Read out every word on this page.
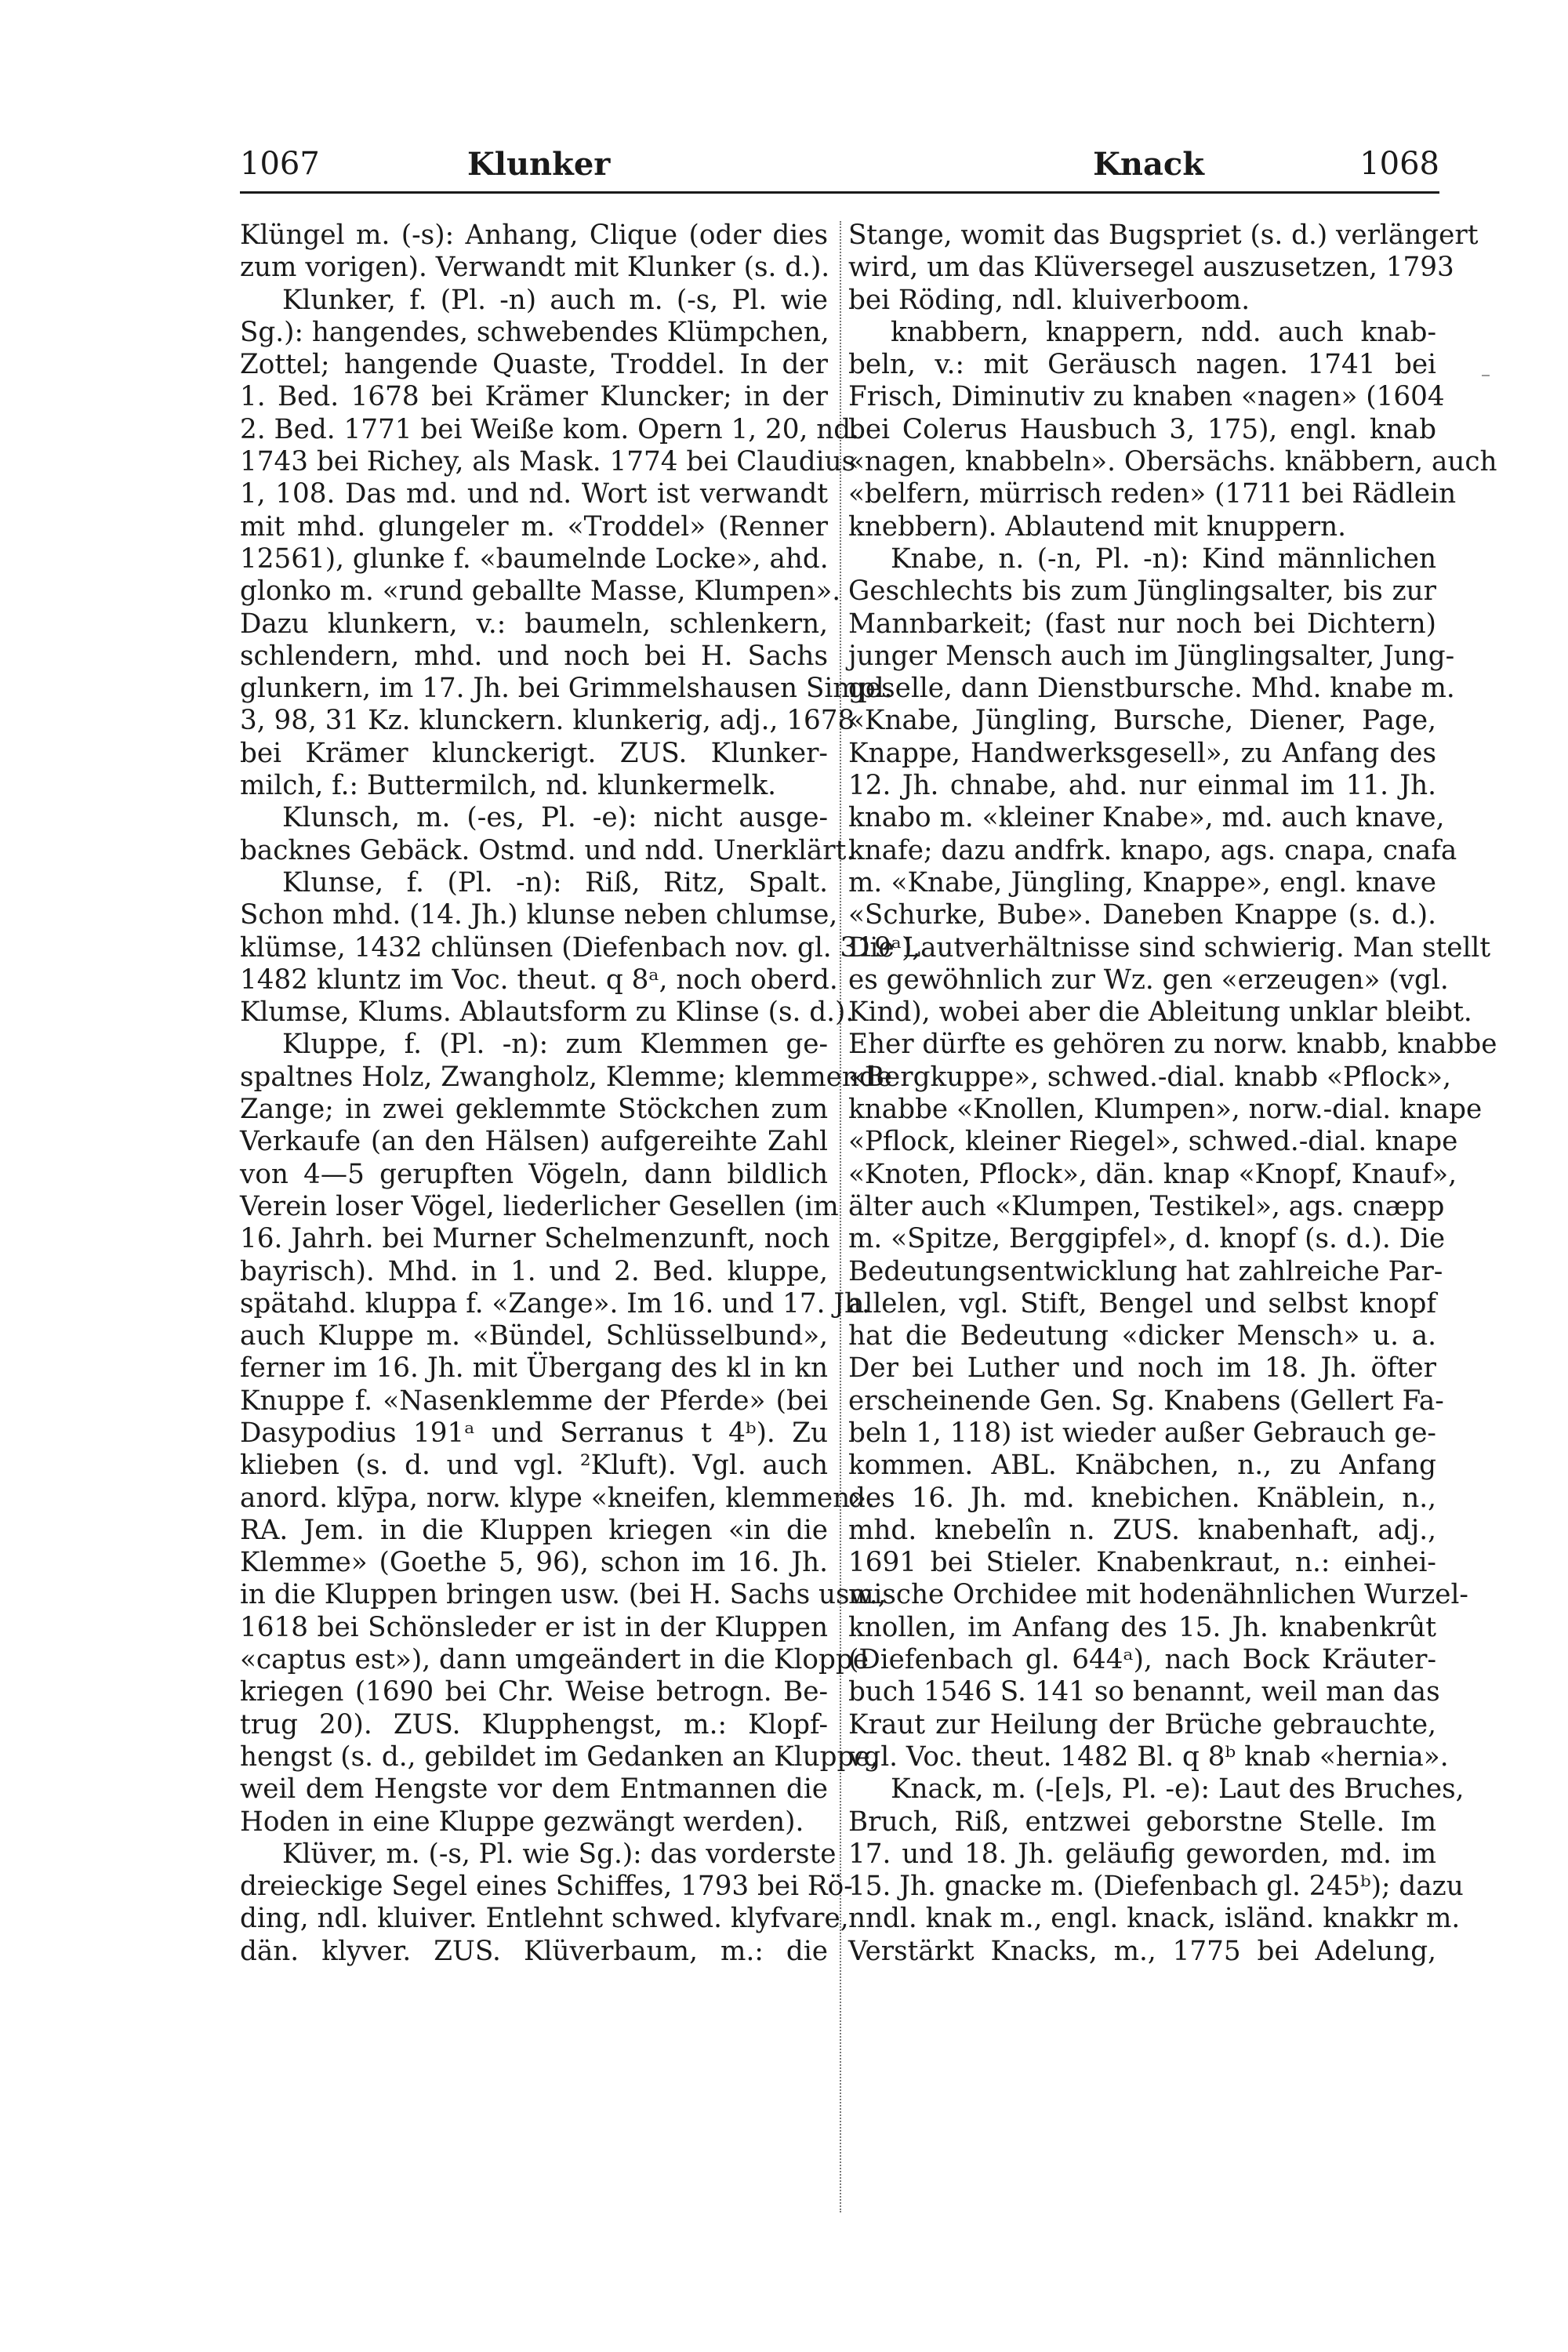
1067	Klunker	Knack	1068
Klüngel m. (-s): Anhang, Clique (oder dies
zum vorigen). Verwandt mit Klunker (s. d.).
Klunker, f. (Pl. -n) auch m. (-s, Pl. wie
Sg.): hangendes, schwebendes Klümpchen,
Zottel; hangende Quaste, Troddel. In der
1. Bed. 1678 bei Krämer Kluncker; in der
2. Bed. 1771 bei Weiße kom. Opern 1, 20, nd.
1743 bei Richey, als Mask. 1774 bei Claudius
1, 108. Das md. und nd. Wort ist verwandt
mit mhd. glungeler m. «Troddel» (Renner
12561), glunke f. «baumelnde Locke», ahd.
glonko m. «rund geballte Masse, Klumpen».
Dazu klunkern, v.: baumeln, schlenkern,
schlendern, mhd. und noch bei H. Sachs
glunkern, im 17. Jh. bei Grimmelshausen Simpl.
3, 98, 31 Kz. klunckern. klunkerig, adj., 1678
bei Krämer klunckerigt. ZUS. Klunker-
milch, f.: Buttermilch, nd. klunkermelk.
Klunsch, m. (-es, Pl. -e): nicht ausge-
backnes Gebäck. Ostmd. und ndd. Unerklärt.
Klunse, f. (Pl. -n): Riß, Ritz, Spalt.
Schon mhd. (14. Jh.) klunse neben chlumse,
klümse, 1432 chlünsen (Diefenbach nov. gl. 319ᵃ),
1482 kluntz im Voc. theut. q 8ᵃ, noch oberd.
Klumse, Klums. Ablautsform zu Klinse (s. d.).
Kluppe, f. (Pl. -n): zum Klemmen ge-
spaltnes Holz, Zwangholz, Klemme; klemmende
Zange; in zwei geklemmte Stöckchen zum
Verkaufe (an den Hälsen) aufgereihte Zahl
von 4—5 gerupften Vögeln, dann bildlich
Verein loser Vögel, liederlicher Gesellen (im
16. Jahrh. bei Murner Schelmenzunft, noch
bayrisch). Mhd. in 1. und 2. Bed. kluppe,
spätahd. kluppa f. «Zange». Im 16. und 17. Jh.
auch Kluppe m. «Bündel, Schlüsselbund»,
ferner im 16. Jh. mit Übergang des kl in kn
Knuppe f. «Nasenklemme der Pferde» (bei
Dasypodius 191ᵃ und Serranus t 4ᵇ). Zu
klieben (s. d. und vgl. ²Kluft). Vgl. auch
anord. klȳpa, norw. klype «kneifen, klemmen».
RA. Jem. in die Kluppen kriegen «in die
Klemme» (Goethe 5, 96), schon im 16. Jh.
in die Kluppen bringen usw. (bei H. Sachs usw.,
1618 bei Schönsleder er ist in der Kluppen
«captus est»), dann umgeändert in die Kloppe
kriegen (1690 bei Chr. Weise betrogn. Be-
trug 20). ZUS. Klupphengst, m.: Klopf-
hengst (s. d., gebildet im Gedanken an Kluppe,
weil dem Hengste vor dem Entmannen die
Hoden in eine Kluppe gezwängt werden).
Klüver, m. (-s, Pl. wie Sg.): das vorderste
dreieckige Segel eines Schiffes, 1793 bei Rö-
ding, ndl. kluiver. Entlehnt schwed. klyfvare,
dän. klyver. ZUS. Klüverbaum, m.: die
Stange, womit das Bugspriet (s. d.) verlängert
wird, um das Klüversegel auszusetzen, 1793
bei Röding, ndl. kluiverboom.
knabbern, knappern, ndd. auch knab-
beln, v.: mit Geräusch nagen. 1741 bei
Frisch, Diminutiv zu knaben «nagen» (1604
bei Colerus Hausbuch 3, 175), engl. knab
«nagen, knabbeln». Obersächs. knäbbern, auch
«belfern, mürrisch reden» (1711 bei Rädlein
knebbern). Ablautend mit knuppern.
Knabe, n. (-n, Pl. -n): Kind männlichen
Geschlechts bis zum Jünglingsalter, bis zur
Mannbarkeit; (fast nur noch bei Dichtern)
junger Mensch auch im Jünglingsalter, Jung-
geselle, dann Dienstbursche. Mhd. knabe m.
«Knabe, Jüngling, Bursche, Diener, Page,
Knappe, Handwerksgesell», zu Anfang des
12. Jh. chnabe, ahd. nur einmal im 11. Jh.
knabo m. «kleiner Knabe», md. auch knave,
knafe; dazu andfrk. knapo, ags. cnapa, cnafa
m. «Knabe, Jüngling, Knappe», engl. knave
«Schurke, Bube». Daneben Knappe (s. d.).
Die Lautverhältnisse sind schwierig. Man stellt
es gewöhnlich zur Wz. gen «erzeugen» (vgl.
Kind), wobei aber die Ableitung unklar bleibt.
Eher dürfte es gehören zu norw. knabb, knabbe
«Bergkuppe», schwed.-dial. knabb «Pflock»,
knabbe «Knollen, Klumpen», norw.-dial. knape
«Pflock, kleiner Riegel», schwed.-dial. knape
«Knoten, Pflock», dän. knap «Knopf, Knauf»,
älter auch «Klumpen, Testikel», ags. cnæpp
m. «Spitze, Berggipfel», d. knopf (s. d.). Die
Bedeutungsentwicklung hat zahlreiche Par-
allelen, vgl. Stift, Bengel und selbst knopf
hat die Bedeutung «dicker Mensch» u. a.
Der bei Luther und noch im 18. Jh. öfter
erscheinende Gen. Sg. Knabens (Gellert Fa-
beln 1, 118) ist wieder außer Gebrauch ge-
kommen. ABL. Knäbchen, n., zu Anfang
des 16. Jh. md. knebichen. Knäblein, n.,
mhd. knebelîn n. ZUS. knabenhaft, adj.,
1691 bei Stieler. Knabenkraut, n.: einhei-
mische Orchidee mit hodenähnlichen Wurzel-
knollen, im Anfang des 15. Jh. knabenkrût
(Diefenbach gl. 644ᵃ), nach Bock Kräuter-
buch 1546 S. 141 so benannt, weil man das
Kraut zur Heilung der Brüche gebrauchte,
vgl. Voc. theut. 1482 Bl. q 8ᵇ knab «hernia».
Knack, m. (-[e]s, Pl. -e): Laut des Bruches,
Bruch, Riß, entzwei geborstne Stelle. Im
17. und 18. Jh. geläufig geworden, md. im
15. Jh. gnacke m. (Diefenbach gl. 245ᵇ); dazu
nndl. knak m., engl. knack, isländ. knakkr m.
Verstärkt Knacks, m., 1775 bei Adelung,
